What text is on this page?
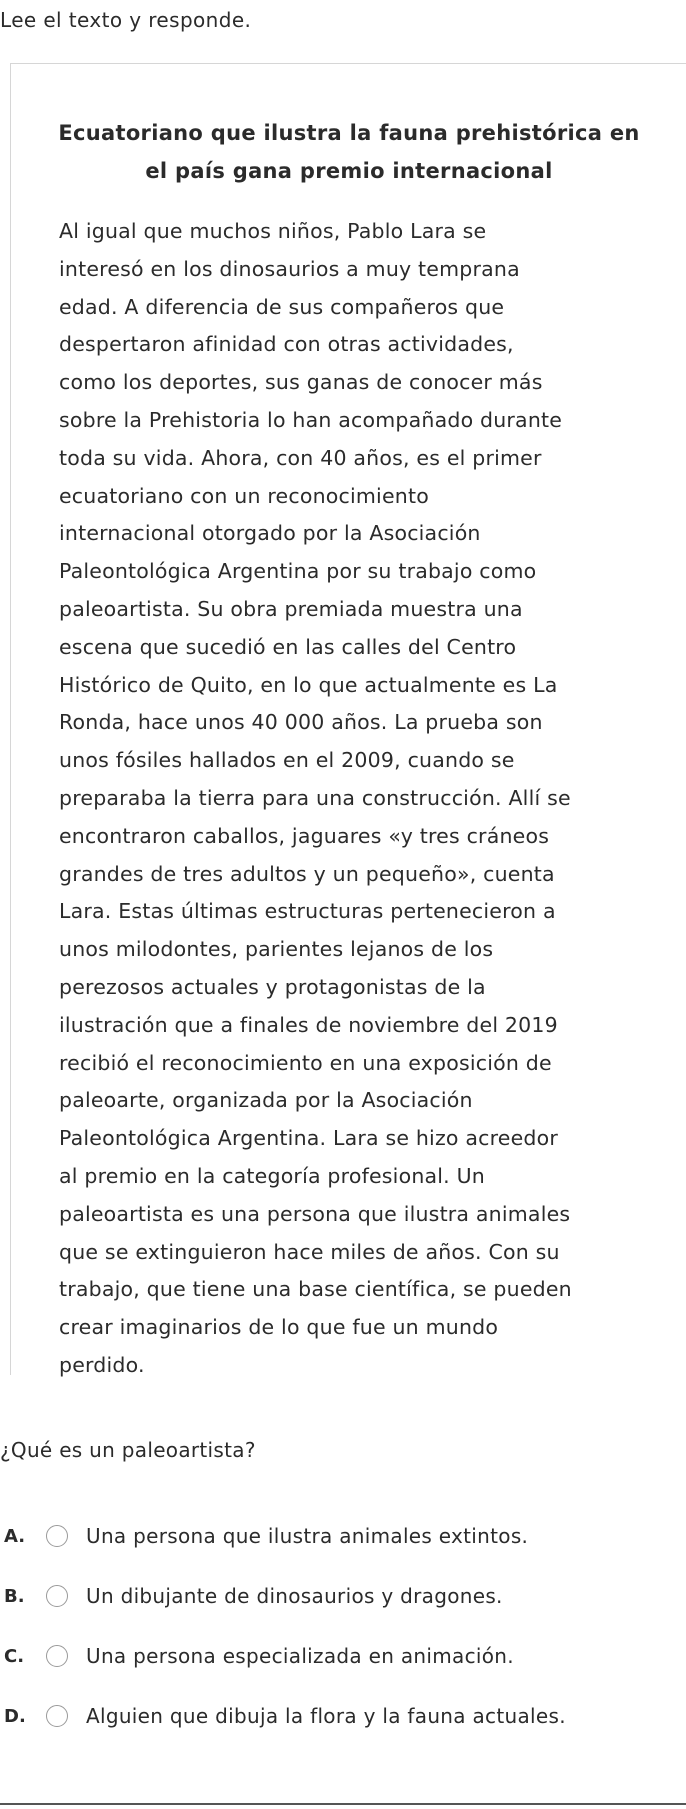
Lee el texto y responde.
Ecuatoriano que ilustra la fauna prehistórica en
el país gana premio internacional
Al igual que muchos niños, Pablo Lara se
interesó en los dinosaurios a muy temprana
edad. A diferencia de sus compañeros que
despertaron afinidad con otras actividades,
como los deportes, sus ganas de conocer más
sobre la Prehistoria lo han acompañado durante
toda su vida. Ahora, con 40 años, es el primer
ecuatoriano con un reconocimiento
internacional otorgado por la Asociación
Paleontológica Argentina por su trabajo como
paleoartista. Su obra premiada muestra una
escena que sucedió en las calles del Centro
Histórico de Quito, en lo que actualmente es La
Ronda, hace unos 40 000 años. La prueba son
unos fósiles hallados en el 2009, cuando se
preparaba la tierra para una construcción. Allí se
encontraron caballos, jaguares «y tres cráneos
grandes de tres adultos y un pequeño», cuenta
Lara. Estas últimas estructuras pertenecieron a
unos milodontes, parientes lejanos de los
perezosos actuales y protagonistas de la
ilustración que a finales de noviembre del 2019
recibió el reconocimiento en una exposición de
paleoarte, organizada por la Asociación
Paleontológica Argentina. Lara se hizo acreedor
al premio en la categoría profesional. Un
paleoartista es una persona que ilustra animales
que se extinguieron hace miles de años. Con su
trabajo, que tiene una base científica, se pueden
crear imaginarios de lo que fue un mundo
perdido.
¿Qué es un paleoartista?
A.	Una persona que ilustra animales extintos.
B.	Un dibujante de dinosaurios y dragones.
C.	Una persona especializada en animación.
D.	Alguien que dibuja la flora y la fauna actuales.
